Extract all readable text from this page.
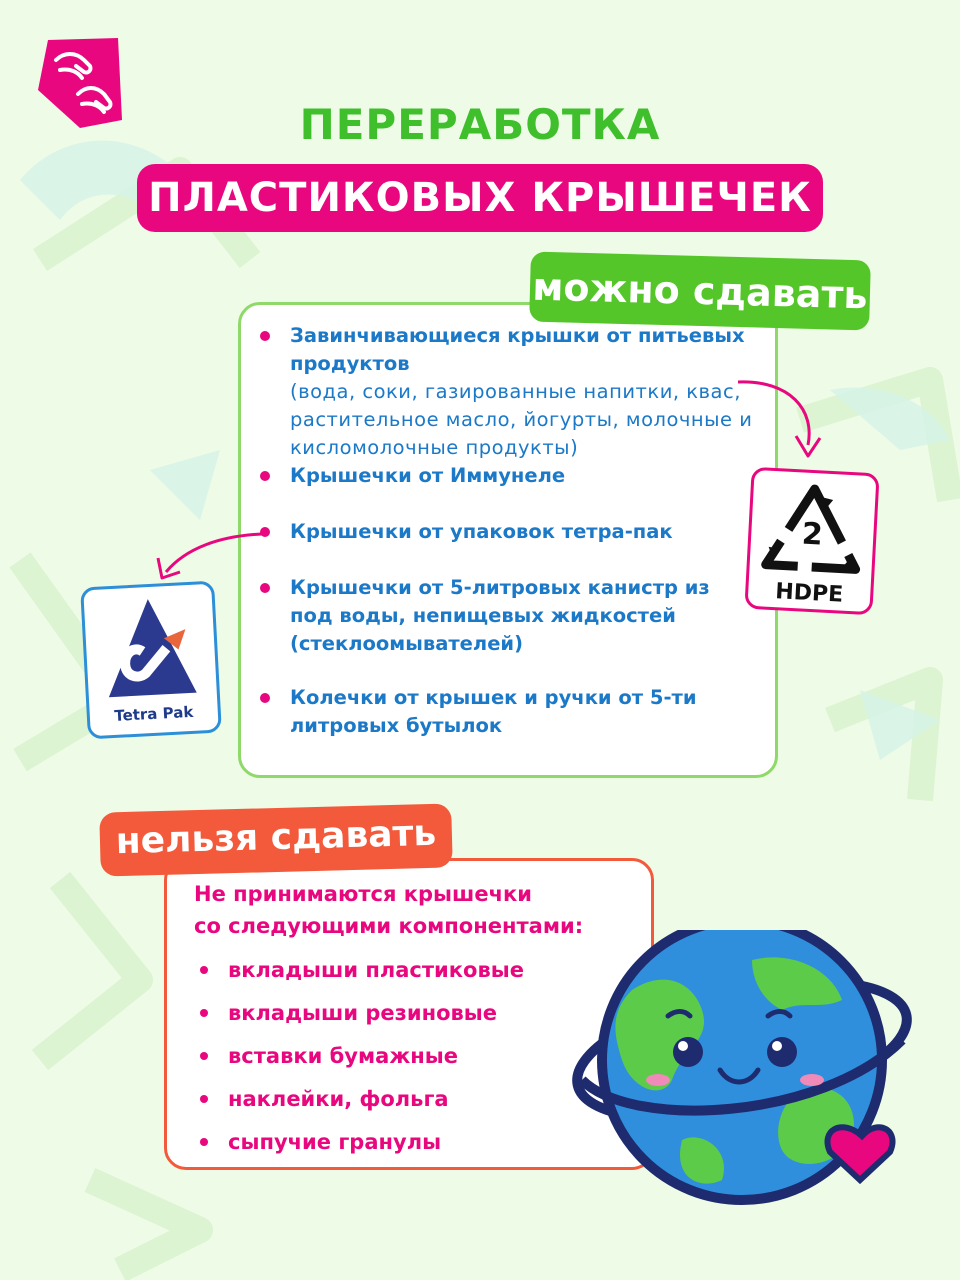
ПЕРЕРАБОТКА
ПЛАСТИКОВЫХ КРЫШЕЧЕК
можно сдавать
Завинчивающиеся крышки от питьевых продуктов
(вода, соки, газированные напитки, квас, растительное масло, йогурты, молочные и кисломолочные продукты)
Крышечки от Иммунеле
Крышечки от упаковок тетра-пак
Крышечки от 5-литровых канистр из под воды, непищевых жидкостей (стеклоомывателей)
Колечки от крышек и ручки от 5-ти литровых бутылок
2
HDPE
Tetra Pak
нельзя сдавать
Не принимаются крышечки
со следующими компонентами:
вкладыши пластиковые
вкладыши резиновые
вставки бумажные
наклейки, фольга
сыпучие гранулы
